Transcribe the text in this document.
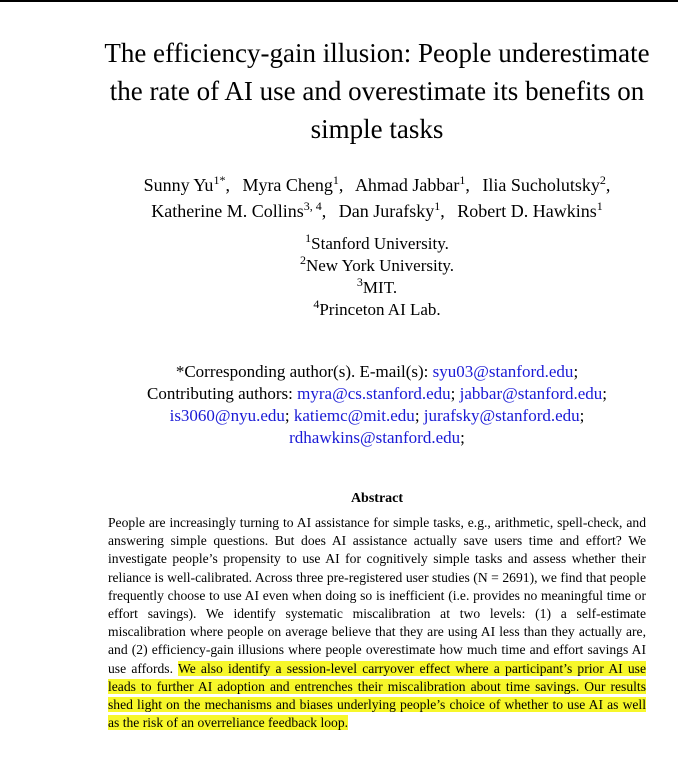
The efficiency-gain illusion: People underestimate
the rate of AI use and overestimate its benefits on
simple tasks
Sunny $Yu^{1*}$, Myra Cheng$^1$, Ahmad Jabbar$^1$, Ilia Sucholutsky$^2$,
Katherine M. Collins$^{3, 4}$, Dan Jurafsky$^1$, Robert D. Hawkins$^1$
$^1$Stanford University.
$^2$New York University.
$^3$MIT.
$^4$Princeton AI Lab.
*Corresponding author(s). E-mail(s): syu03@stanford.edu;
Contributing authors: myra@cs.stanford.edu; jabbar@stanford.edu;
is3060@nyu.edu; katiemc@mit.edu; jurafsky@stanford.edu;
rdhawkins@stanford.edu;
Abstract
People are increasingly turning to AI assistance for simple tasks, e.g., arithmetic, spell-check, and answering simple questions. But does AI assistance actually save users time and effort? We investigate people’s propensity to use AI for cognitively simple tasks and assess whether their reliance is well-calibrated. Across three pre-registered user studies (N = 2691), we find that people frequently choose to use AI even when doing so is inefficient (i.e. provides no meaningful time or effort savings). We identify systematic miscalibration at two levels: (1) a self-estimate miscalibration where people on average believe that they are using AI less than they actually are, and (2) efficiency-gain illusions where people overestimate how much time and effort savings AI use affords. We also identify a session-level carryover effect where a participant’s prior AI use leads to further AI adoption and entrenches their miscalibration about time savings. Our results shed light on the mechanisms and biases underlying people’s choice of whether to use AI as well as the risk of an overreliance feedback loop.
